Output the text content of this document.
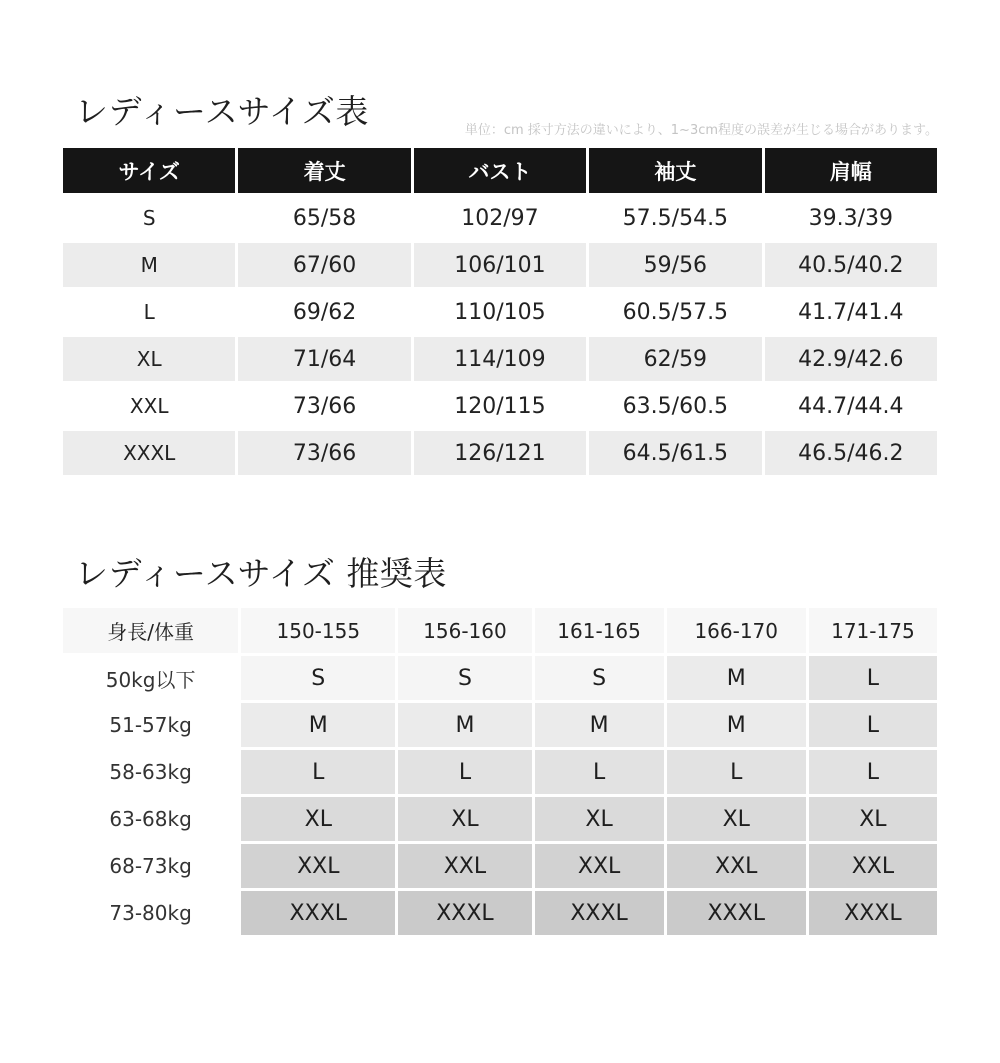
レディースサイズ表	単位：cm 採寸方法の違いにより、1~3cm程度の誤差が生じる場合があります。
サイズ	着丈	バスト	袖丈	肩幅
S	65/58	102/97	57.5/54.5	39.3/39
M	67/60	106/101	59/56	40.5/40.2
L	69/62	110/105	60.5/57.5	41.7/41.4
XL	71/64	114/109	62/59	42.9/42.6
XXL	73/66	120/115	63.5/60.5	44.7/44.4
XXXL	73/66	126/121	64.5/61.5	46.5/46.2
レディースサイズ 推奨表
身長/体重	150-155	156-160	161-165	166-170	171-175
50kg以下	S	S	S	M	L
51-57kg	M	M	M	M	L
58-63kg	L	L	L	L	L
63-68kg	XL	XL	XL	XL	XL
68-73kg	XXL	XXL	XXL	XXL	XXL
73-80kg	XXXL	XXXL	XXXL	XXXL	XXXL
